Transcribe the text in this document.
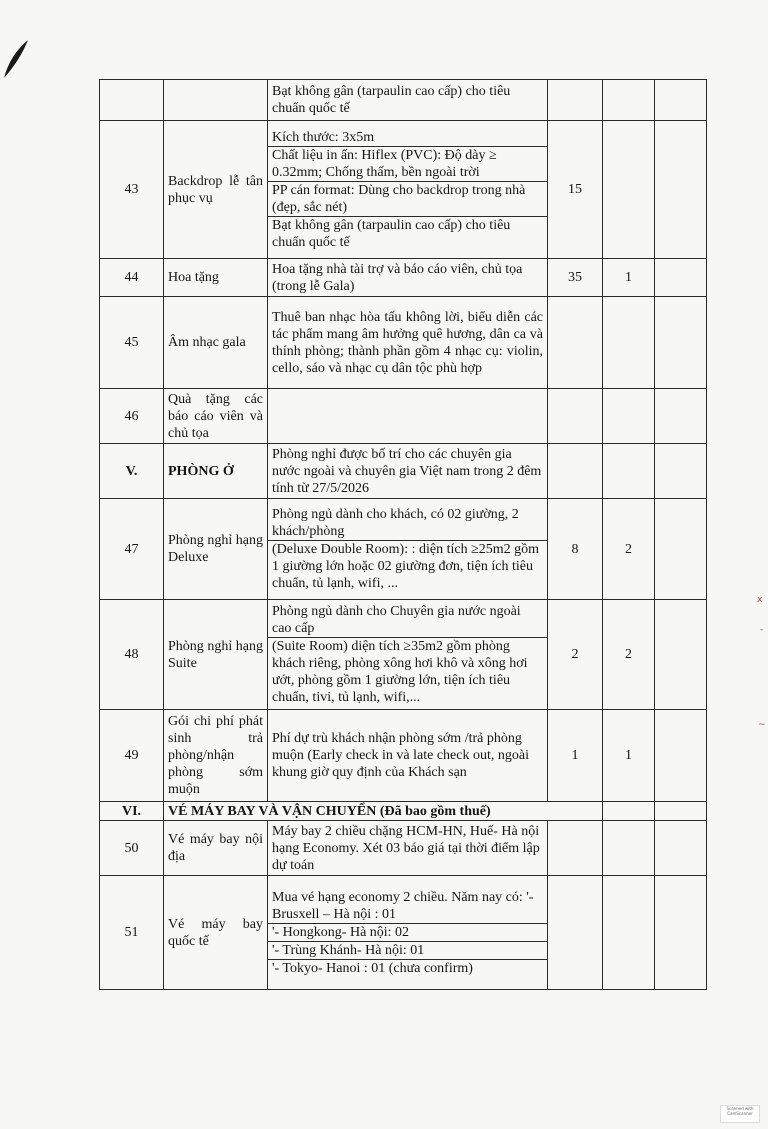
		Bạt không gân (tarpaulin cao cấp) cho tiêu chuẩn quốc tế			
43	Backdrop lễ tân phục vụ	Kích thước: 3x5m
Chất liệu in ấn: Hiflex (PVC): Độ dày ≥ 0.32mm; Chống thấm, bền ngoài trời
PP cán format: Dùng cho backdrop trong nhà (đẹp, sắc nét)
Bạt không gân (tarpaulin cao cấp) cho tiêu chuẩn quốc tế	15		
44	Hoa tặng	Hoa tặng nhà tài trợ và báo cáo viên, chủ tọa (trong lễ Gala)	35	1	
45	Âm nhạc gala	Thuê ban nhạc hòa tấu không lời, biểu diễn các tác phẩm mang âm hưởng quê hương, dân ca và thính phòng; thành phần gồm 4 nhạc cụ: violin, cello, sáo và nhạc cụ dân tộc phù hợp			
46	Quà tặng các báo cáo viên và chủ tọa				
V.	PHÒNG Ở	Phòng nghỉ được bố trí cho các chuyên gia nước ngoài và chuyên gia Việt nam trong 2 đêm tính từ 27/5/2026			
47	Phòng nghỉ hạng Deluxe	Phòng ngủ dành cho khách, có 02 giường, 2 khách/phòng
(Deluxe Double Room): : diện tích ≥25m2 gồm 1 giường lớn hoặc 02 giường đơn, tiện ích tiêu chuẩn, tủ lạnh, wifi, ...	8	2	
48	Phòng nghỉ hạng Suite	Phòng ngủ dành cho Chuyên gia nước ngoài cao cấp
(Suite Room) diện tích ≥35m2 gồm phòng khách riêng, phòng xông hơi khô và xông hơi ướt, phòng gồm 1 giường lớn, tiện ích tiêu chuẩn, tivi, tủ lạnh, wifi,...	2	2	
49	Gói chi phí phát sinh trả phòng/nhận phòng sớm muộn	Phí dự trù khách nhận phòng sớm /trả phòng muộn (Early check in và late check out, ngoài khung giờ quy định của Khách sạn	1	1	
VI.	VÉ MÁY BAY VÀ VẬN CHUYỂN (Đã bao gồm thuế)				
50	Vé máy bay nội địa	Máy bay 2 chiều chặng HCM-HN, Huế- Hà nội hạng Economy. Xét 03 báo giá tại thời điểm lập dự toán			
51	Vé máy bay quốc tế	Mua vé hạng economy 2 chiều. Năm nay có: '- Brusxell – Hà nội : 01
'- Hongkong- Hà nội: 02
'- Trùng Khánh- Hà nội: 01
'- Tokyo- Hanoi : 01 (chưa confirm)			

ⅹ
-
~
Scanned with CamScanner
